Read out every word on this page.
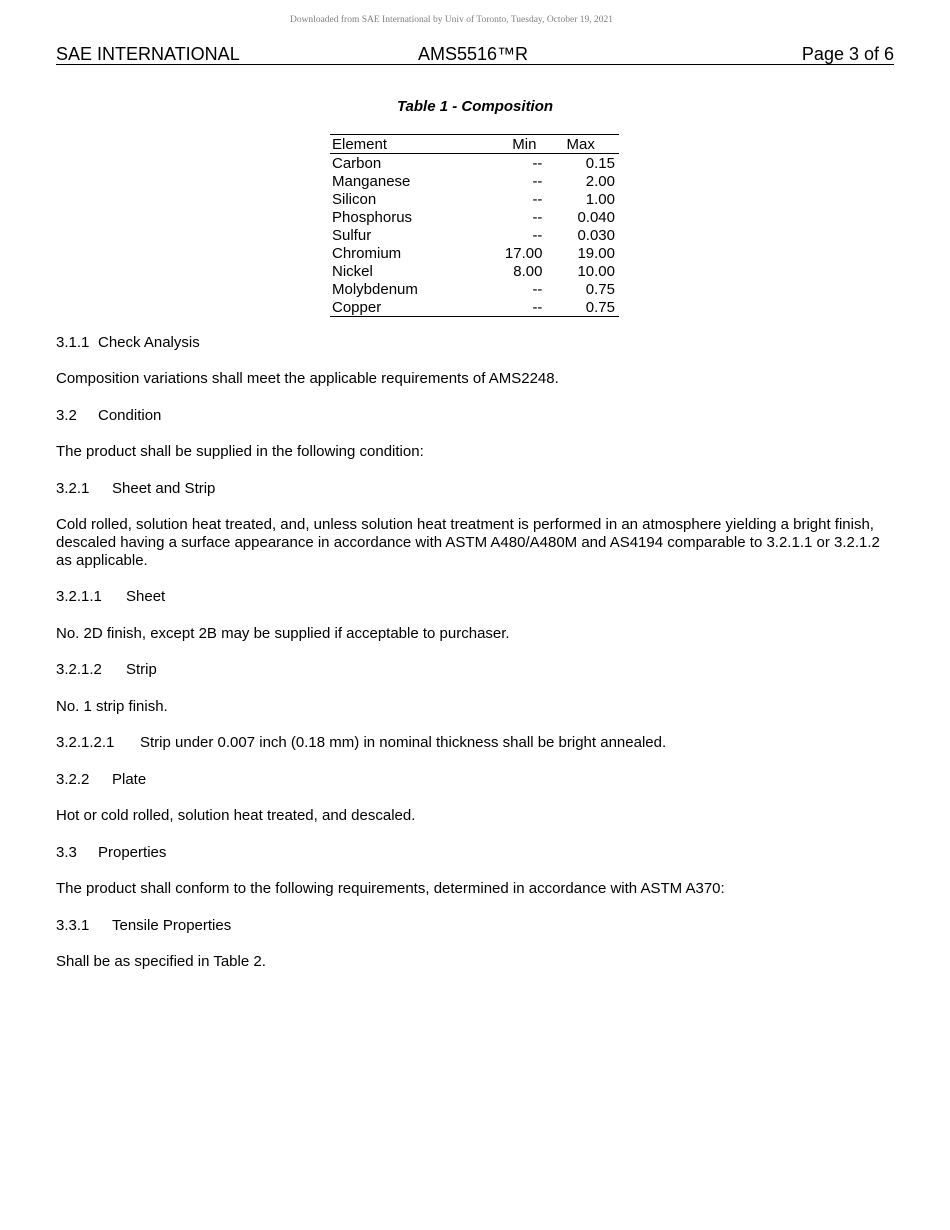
Downloaded from SAE International by Univ of Toronto, Tuesday, October 19, 2021
SAE INTERNATIONAL	AMS5516™R	Page 3 of 6
Table 1 - Composition
Element	Min	Max
Carbon	--	0.15
Manganese	--	2.00
Silicon	--	1.00
Phosphorus	--	0.040
Sulfur	--	0.030
Chromium	17.00	19.00
Nickel	8.00	10.00
Molybdenum	--	0.75
Copper	--	0.75
3.1.1 Check Analysis
Composition variations shall meet the applicable requirements of AMS2248.
3.2 Condition
The product shall be supplied in the following condition:
3.2.1 Sheet and Strip
Cold rolled, solution heat treated, and, unless solution heat treatment is performed in an atmosphere yielding a bright finish, descaled having a surface appearance in accordance with ASTM A480/A480M and AS4194 comparable to 3.2.1.1 or 3.2.1.2 as applicable.
3.2.1.1 Sheet
No. 2D finish, except 2B may be supplied if acceptable to purchaser.
3.2.1.2 Strip
No. 1 strip finish.
3.2.1.2.1 Strip under 0.007 inch (0.18 mm) in nominal thickness shall be bright annealed.
3.2.2 Plate
Hot or cold rolled, solution heat treated, and descaled.
3.3 Properties
The product shall conform to the following requirements, determined in accordance with ASTM A370:
3.3.1 Tensile Properties
Shall be as specified in Table 2.
